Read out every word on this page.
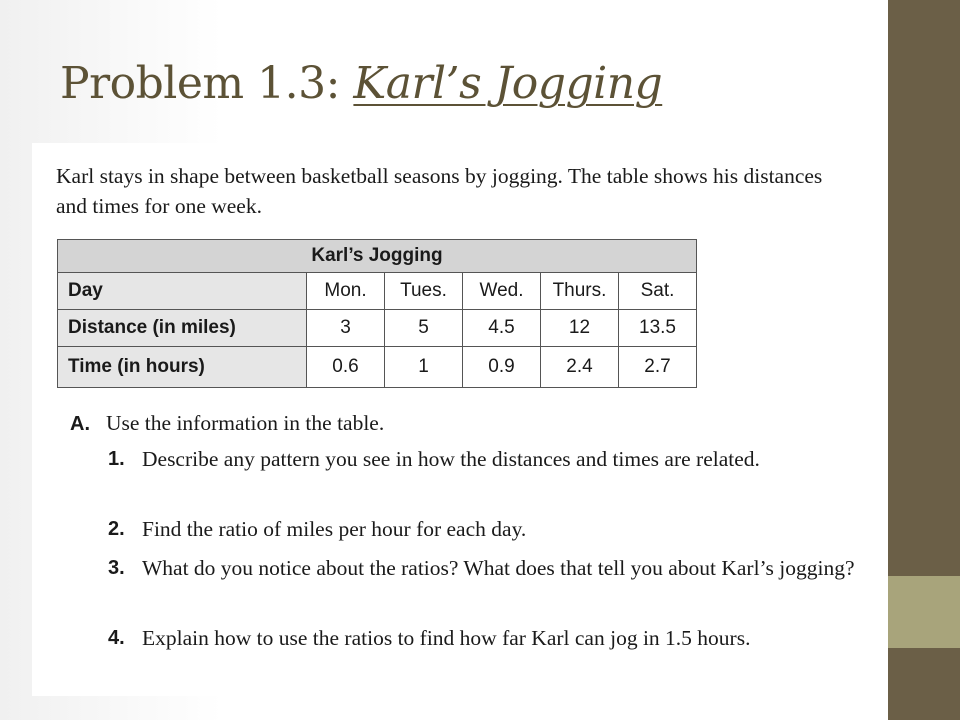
Problem 1.3: Karl’s Jogging
Karl stays in shape between basketball seasons by jogging. The table shows his distances and times for one week.
Karl’s Jogging					
Day	Mon.	Tues.	Wed.	Thurs.	Sat.
Distance (in miles)	3	5	4.5	12	13.5
Time (in hours)	0.6	1	0.9	2.4	2.7
A. Use the information in the table.
1. Describe any pattern you see in how the distances and times are related.
2. Find the ratio of miles per hour for each day.
3. What do you notice about the ratios? What does that tell you about Karl’s jogging?
4. Explain how to use the ratios to find how far Karl can jog in 1.5 hours.
